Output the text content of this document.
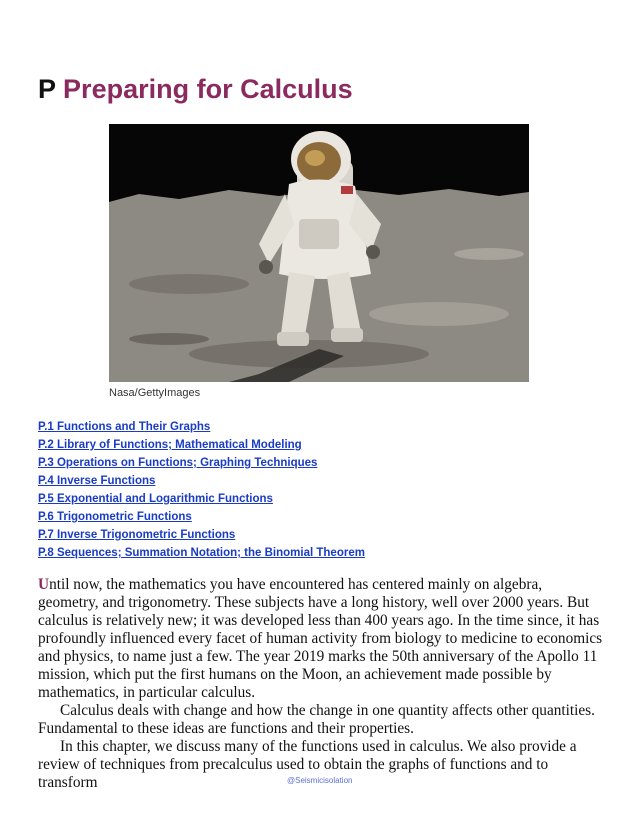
P Preparing for Calculus
Nasa/GettyImages
P.1 Functions and Their Graphs
P.2 Library of Functions; Mathematical Modeling
P.3 Operations on Functions; Graphing Techniques
P.4 Inverse Functions
P.5 Exponential and Logarithmic Functions
P.6 Trigonometric Functions
P.7 Inverse Trigonometric Functions
P.8 Sequences; Summation Notation; the Binomial Theorem

Until now, the mathematics you have encountered has centered mainly on algebra, geometry, and trigonometry. These subjects have a long history, well over 2000 years. But calculus is relatively new; it was developed less than 400 years ago. In the time since, it has profoundly influenced every facet of human activity from biology to medicine to economics and physics, to name just a few. The year 2019 marks the 50th anniversary of the Apollo 11 mission, which put the first humans on the Moon, an achievement made possible by mathematics, in particular calculus.

Calculus deals with change and how the change in one quantity affects other quantities. Fundamental to these ideas are functions and their properties.

In this chapter, we discuss many of the functions used in calculus. We also provide a review of techniques from precalculus used to obtain the graphs of functions and to transform	@Seismicisolation
